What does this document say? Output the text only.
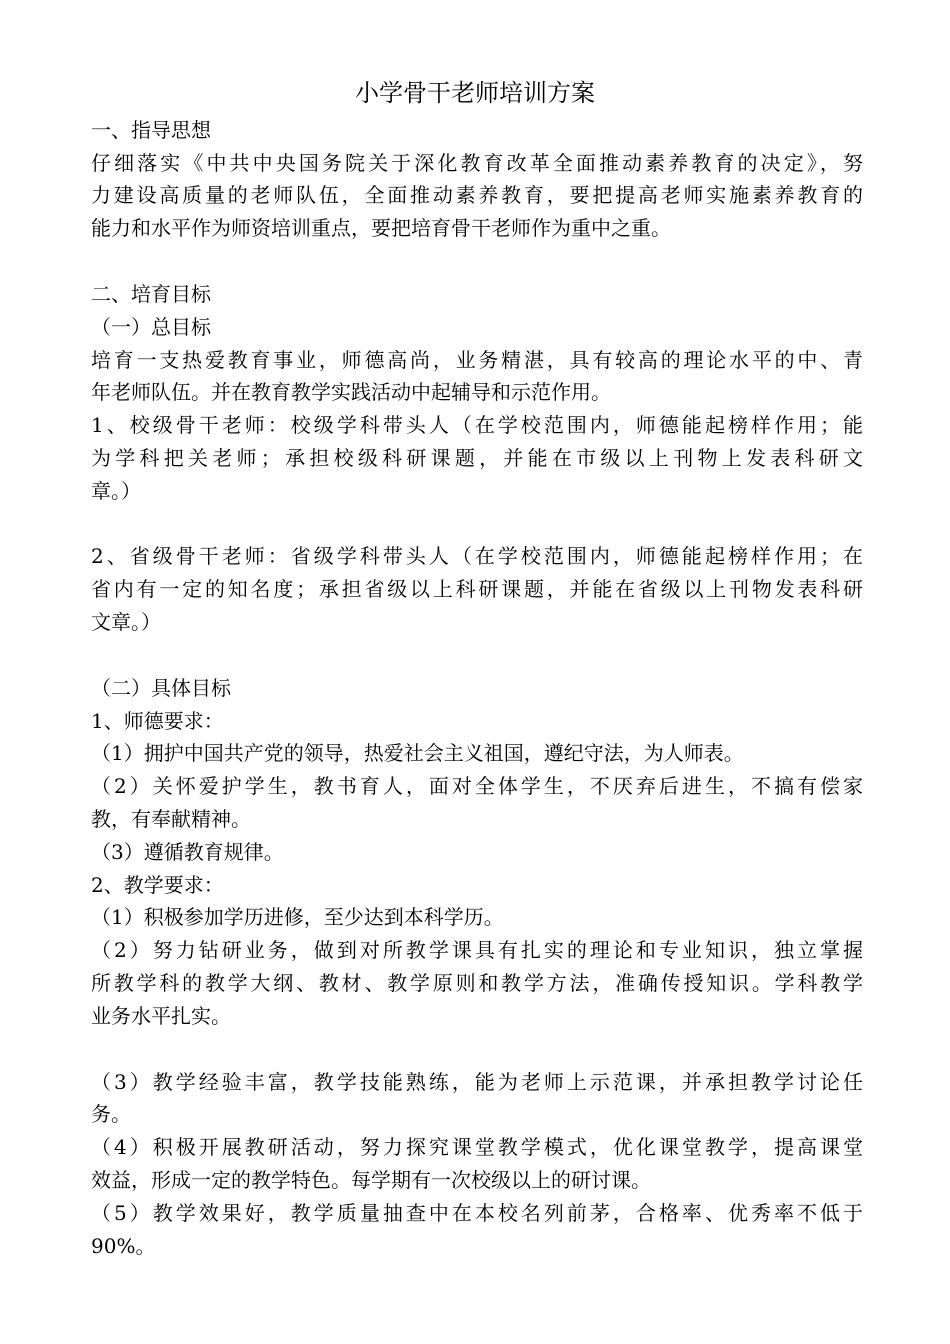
小学骨干老师培训方案
一、指导思想
仔细落实《中共中央国务院关于深化教育改革全面推动素养教育的决定》，努
力建设高质量的老师队伍，全面推动素养教育，要把提高老师实施素养教育的
能力和水平作为师资培训重点，要把培育骨干老师作为重中之重。
二、培育目标
（一）总目标
培育一支热爱教育事业，师德高尚，业务精湛，具有较高的理论水平的中、青
年老师队伍。并在教育教学实践活动中起辅导和示范作用。
1、校级骨干老师：校级学科带头人（在学校范围内，师德能起榜样作用；能
为学科把关老师；承担校级科研课题，并能在市级以上刊物上发表科研文
章。）
2、省级骨干老师：省级学科带头人（在学校范围内，师德能起榜样作用；在
省内有一定的知名度；承担省级以上科研课题，并能在省级以上刊物发表科研
文章。）
（二）具体目标
1、师德要求：
（1）拥护中国共产党的领导，热爱社会主义祖国，遵纪守法，为人师表。
（2）关怀爱护学生，教书育人，面对全体学生，不厌弃后进生，不搞有偿家
教，有奉献精神。
（3）遵循教育规律。
2、教学要求：
（1）积极参加学历进修，至少达到本科学历。
（2）努力钻研业务，做到对所教学课具有扎实的理论和专业知识，独立掌握
所教学科的教学大纲、教材、教学原则和教学方法，准确传授知识。学科教学
业务水平扎实。
（3）教学经验丰富，教学技能熟练，能为老师上示范课，并承担教学讨论任
务。
（4）积极开展教研活动，努力探究课堂教学模式，优化课堂教学，提高课堂
效益，形成一定的教学特色。每学期有一次校级以上的研讨课。
（5）教学效果好，教学质量抽查中在本校名列前茅，合格率、优秀率不低于
90%。
